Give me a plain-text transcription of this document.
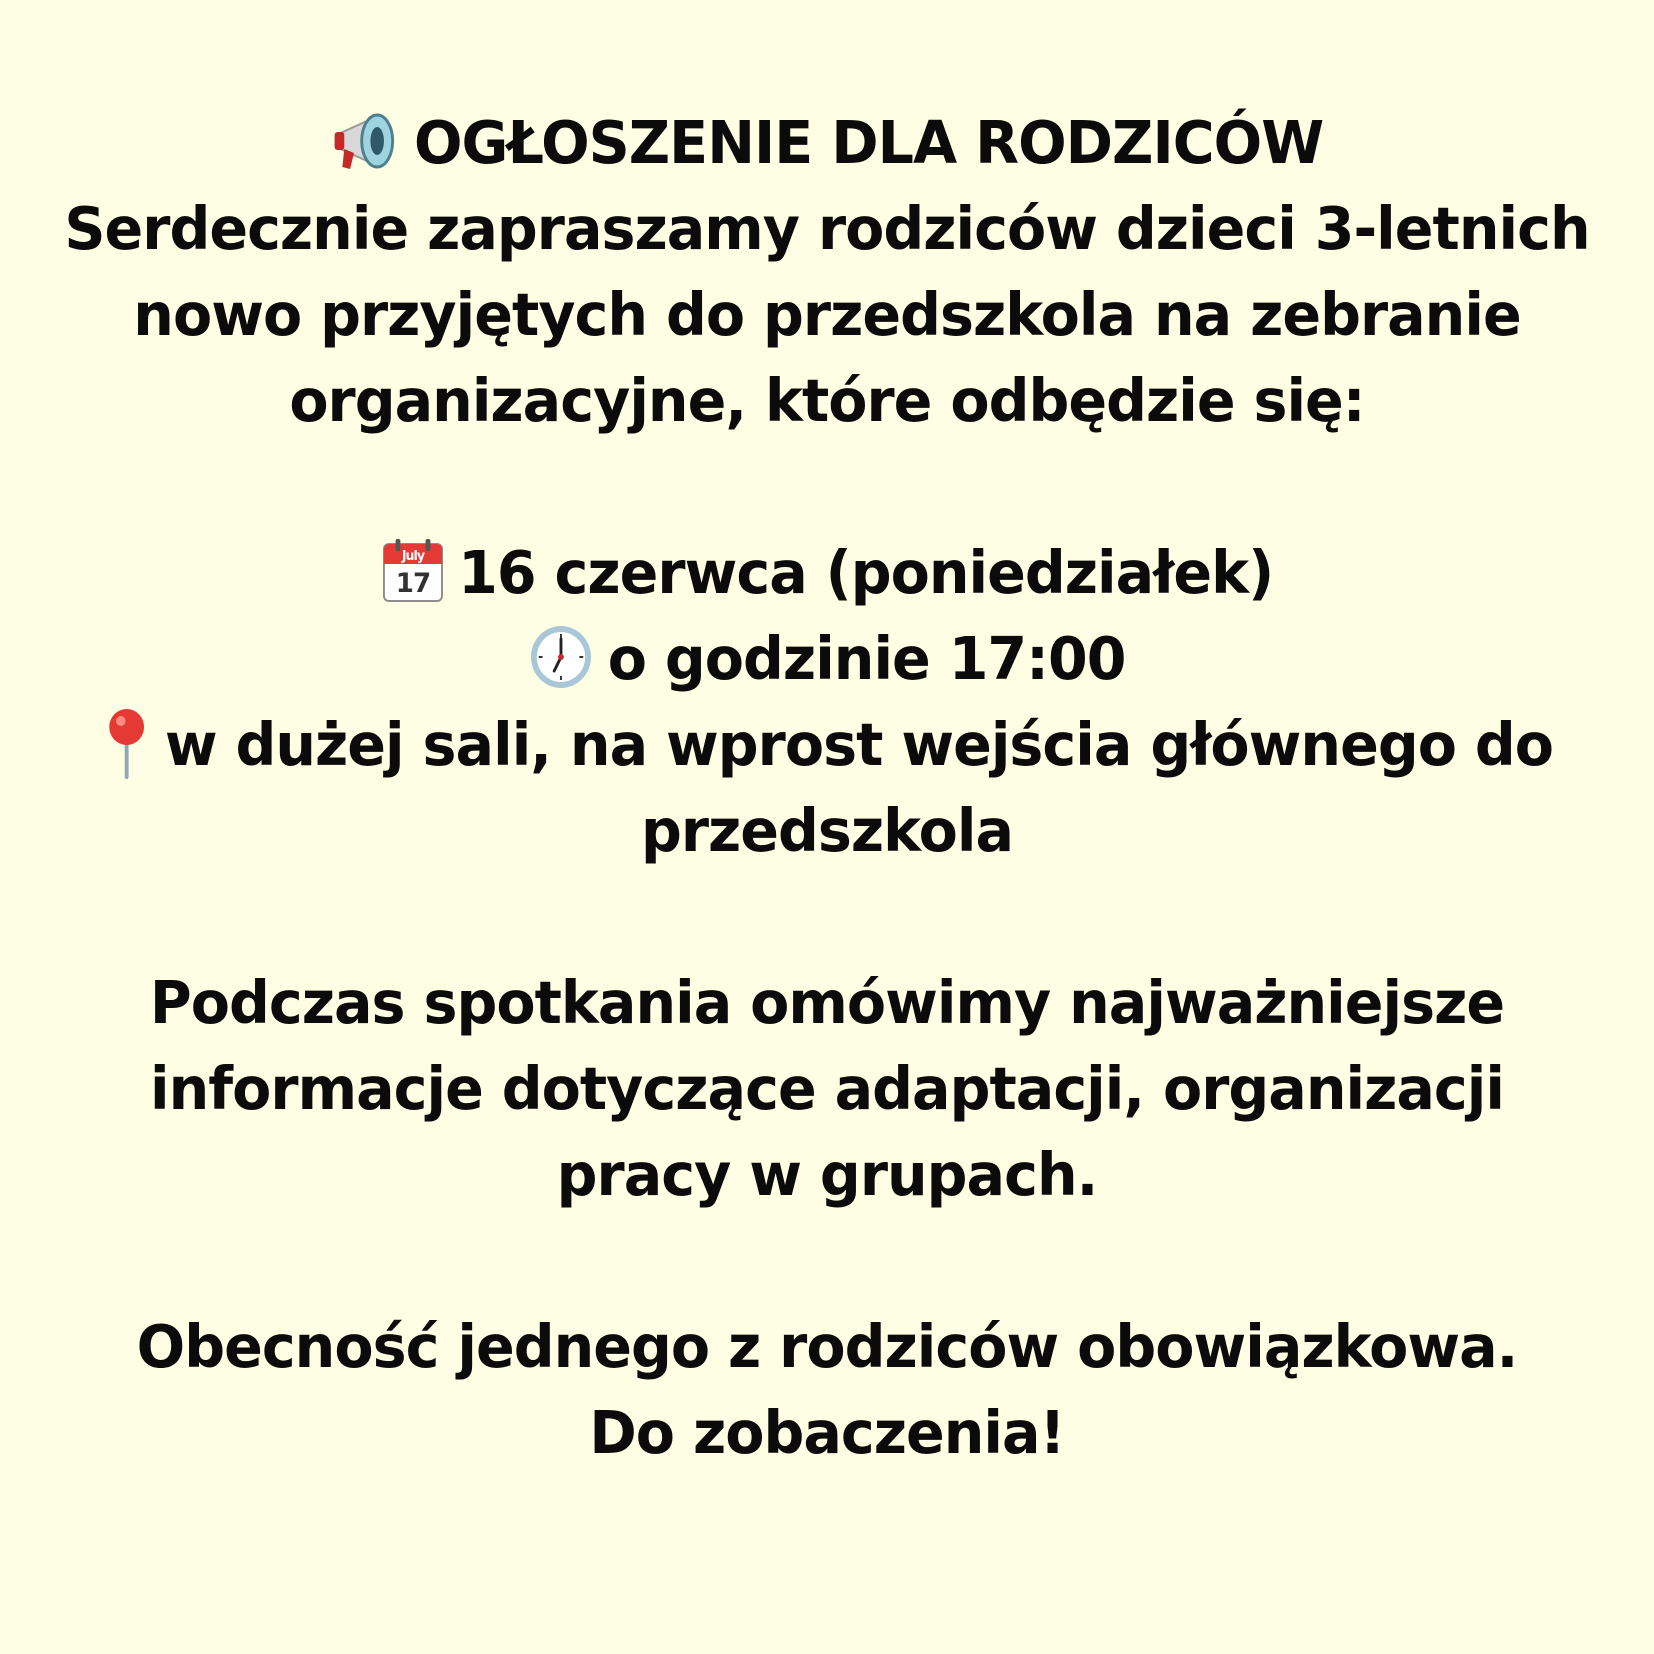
OGŁOSZENIE DLA RODZICÓW
Serdecznie zapraszamy rodziców dzieci 3-letnich
nowo przyjętych do przedszkola na zebranie
organizacyjne, które odbędzie się:
July
17 16 czerwca (poniedziałek)
o godzinie 17:00
w dużej sali, na wprost wejścia głównego do
przedszkola
Podczas spotkania omówimy najważniejsze
informacje dotyczące adaptacji, organizacji
pracy w grupach.
Obecność jednego z rodziców obowiązkowa.
Do zobaczenia!
